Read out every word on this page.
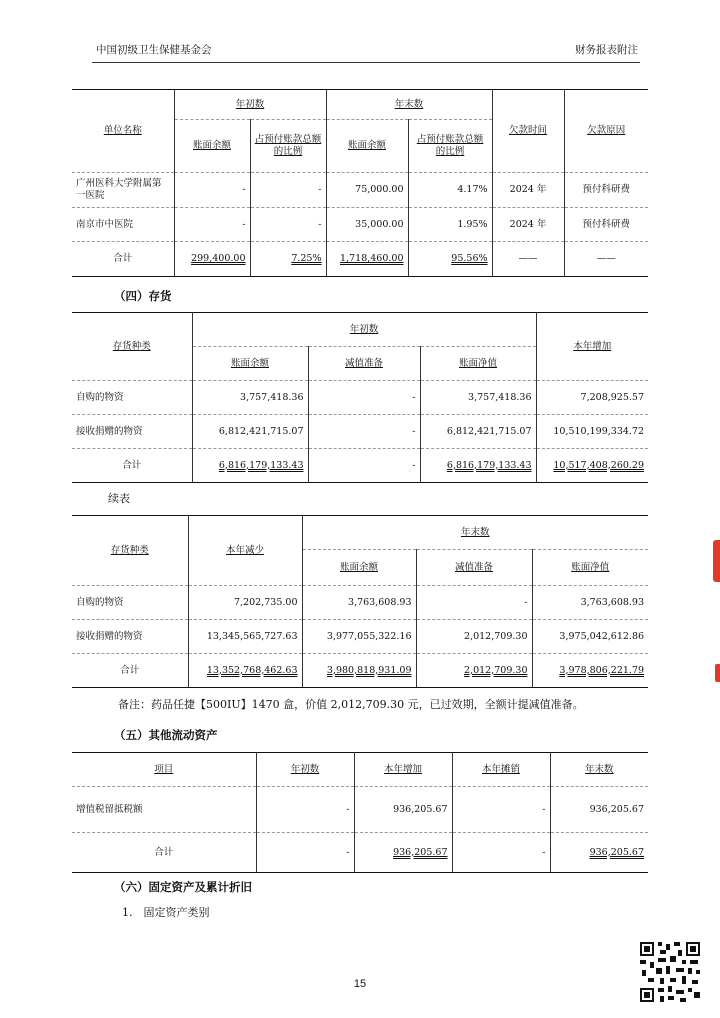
中国初级卫生保健基金会	财务报表附注
单位名称	年初数		年末数		欠款时间	欠款原因
	账面余额	占预付账款总额的比例	账面余额	占预付账款总额的比例		
广州医科大学附属第一医院	-	-	75,000.00	4.17%	2024 年	预付科研费
南京市中医院	-	-	35,000.00	1.95%	2024 年	预付科研费
合计	299,400.00	7.25%	1,718,460.00	95.56%	——	——
（四）存货
存货种类	年初数			本年增加
	账面余额	减值准备	账面净值	
自购的物资	3,757,418.36	-	3,757,418.36	7,208,925.57
接收捐赠的物资	6,812,421,715.07	-	6,812,421,715.07	10,510,199,334.72
合计	6,816,179,133.43	-	6,816,179,133.43	10,517,408,260.29
续表
存货种类	本年减少	年末数		
		账面余额	减值准备	账面净值
自购的物资	7,202,735.00	3,763,608.93	-	3,763,608.93
接收捐赠的物资	13,345,565,727.63	3,977,055,322.16	2,012,709.30	3,975,042,612.86
合计	13,352,768,462.63	3,980,818,931.09	2,012,709.30	3,978,806,221.79
备注：药品任捷【500IU】1470 盒，价值 2,012,709.30 元，已过效期，全额计提减值准备。
（五）其他流动资产
项目	年初数	本年增加	本年摊销	年末数
增值税留抵税额	-	936,205.67	-	936,205.67
合计	-	936,205.67	-	936,205.67
（六）固定资产及累计折旧
1.　固定资产类别
15
